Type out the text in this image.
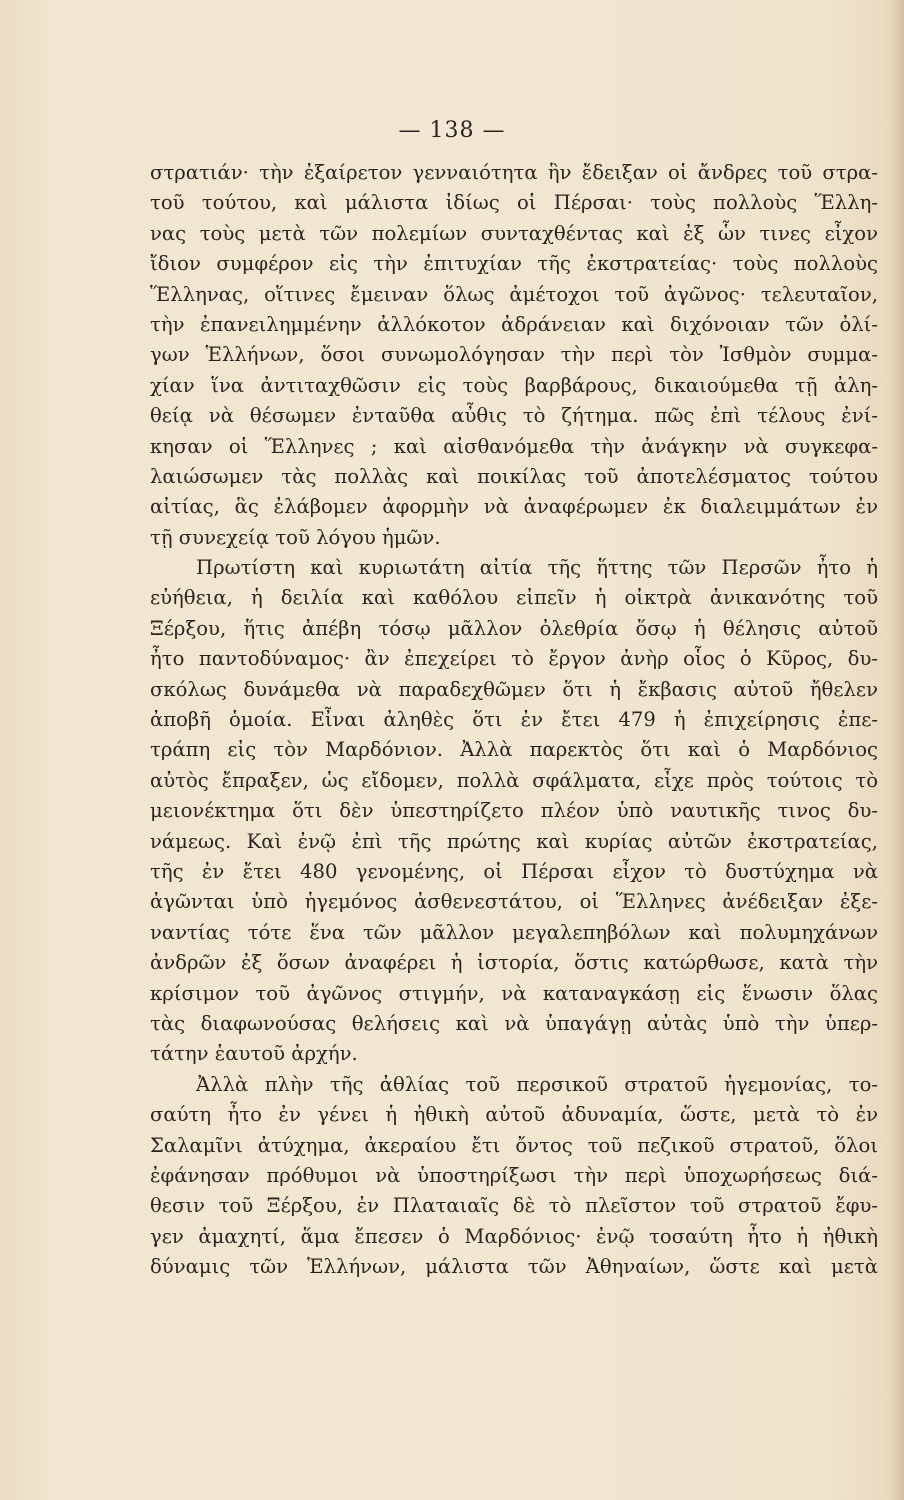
— 138 —
στρατιάν· τὴν ἐξαίρετον γενναιότητα ἣν ἔδειξαν οἱ ἄνδρες τοῦ στρα-
τοῦ τούτου, καὶ μάλιστα ἰδίως οἱ Πέρσαι· τοὺς πολλοὺς Ἕλλη-
νας τοὺς μετὰ τῶν πολεμίων συνταχθέντας καὶ ἐξ ὧν τινες εἶχον
ἴδιον συμφέρον εἰς τὴν ἐπιτυχίαν τῆς ἐκστρατείας· τοὺς πολλοὺς
Ἕλληνας, οἵτινες ἔμειναν ὅλως ἀμέτοχοι τοῦ ἀγῶνος· τελευταῖον,
τὴν ἐπανειλημμένην ἀλλόκοτον ἀδράνειαν καὶ διχόνοιαν τῶν ὀλί-
γων Ἑλλήνων, ὅσοι συνωμολόγησαν τὴν περὶ τὸν Ἰσθμὸν συμμα-
χίαν ἵνα ἀντιταχθῶσιν εἰς τοὺς βαρβάρους, δικαιούμεθα τῇ ἀλη-
θείᾳ νὰ θέσωμεν ἐνταῦθα αὖθις τὸ ζήτημα. πῶς ἐπὶ τέλους ἐνί-
κησαν οἱ Ἕλληνες ; καὶ αἰσθανόμεθα τὴν ἀνάγκην νὰ συγκεφα-
λαιώσωμεν τὰς πολλὰς καὶ ποικίλας τοῦ ἀποτελέσματος τούτου
αἰτίας, ἃς ἐλάβομεν ἀφορμὴν νὰ ἀναφέρωμεν ἐκ διαλειμμάτων ἐν
τῇ συνεχείᾳ τοῦ λόγου ἡμῶν.
Πρωτίστη καὶ κυριωτάτη αἰτία τῆς ἥττης τῶν Περσῶν ἦτο ἡ
εὐήθεια, ἡ δειλία καὶ καθόλου εἰπεῖν ἡ οἰκτρὰ ἀνικανότης τοῦ
Ξέρξου, ἥτις ἀπέβη τόσῳ μᾶλλον ὀλεθρία ὅσῳ ἡ θέλησις αὐτοῦ
ἦτο παντοδύναμος· ἂν ἐπεχείρει τὸ ἔργον ἀνὴρ οἷος ὁ Κῦρος, δυ-
σκόλως δυνάμεθα νὰ παραδεχθῶμεν ὅτι ἡ ἔκβασις αὐτοῦ ἤθελεν
ἀποβῆ ὁμοία. Εἶναι ἀληθὲς ὅτι ἐν ἔτει 479 ἡ ἐπιχείρησις ἐπε-
τράπη εἰς τὸν Μαρδόνιον. Ἀλλὰ παρεκτὸς ὅτι καὶ ὁ Μαρδόνιος
αὐτὸς ἔπραξεν, ὡς εἴδομεν, πολλὰ σφάλματα, εἶχε πρὸς τούτοις τὸ
μειονέκτημα ὅτι δὲν ὑπεστηρίζετο πλέον ὑπὸ ναυτικῆς τινος δυ-
νάμεως. Καὶ ἐνῷ ἐπὶ τῆς πρώτης καὶ κυρίας αὐτῶν ἐκστρατείας,
τῆς ἐν ἔτει 480 γενομένης, οἱ Πέρσαι εἶχον τὸ δυστύχημα νὰ
ἀγῶνται ὑπὸ ἡγεμόνος ἀσθενεστάτου, οἱ Ἕλληνες ἀνέδειξαν ἐξε-
ναντίας τότε ἕνα τῶν μᾶλλον μεγαλεπηβόλων καὶ πολυμηχάνων
ἀνδρῶν ἐξ ὅσων ἀναφέρει ἡ ἱστορία, ὅστις κατώρθωσε, κατὰ τὴν
κρίσιμον τοῦ ἀγῶνος στιγμήν, νὰ καταναγκάσῃ εἰς ἕνωσιν ὅλας
τὰς διαφωνούσας θελήσεις καὶ νὰ ὑπαγάγῃ αὐτὰς ὑπὸ τὴν ὑπερ-
τάτην ἑαυτοῦ ἀρχήν.
Ἀλλὰ πλὴν τῆς ἀθλίας τοῦ περσικοῦ στρατοῦ ἡγεμονίας, το-
σαύτη ἦτο ἐν γένει ἡ ἠθικὴ αὐτοῦ ἀδυναμία, ὥστε, μετὰ τὸ ἐν
Σαλαμῖνι ἀτύχημα, ἀκεραίου ἔτι ὄντος τοῦ πεζικοῦ στρατοῦ, ὅλοι
ἐφάνησαν πρόθυμοι νὰ ὑποστηρίξωσι τὴν περὶ ὑποχωρήσεως διά-
θεσιν τοῦ Ξέρξου, ἐν Πλαταιαῖς δὲ τὸ πλεῖστον τοῦ στρατοῦ ἔφυ-
γεν ἀμαχητί, ἅμα ἔπεσεν ὁ Μαρδόνιος· ἐνῷ τοσαύτη ἦτο ἡ ἠθικὴ
δύναμις τῶν Ἑλλήνων, μάλιστα τῶν Ἀθηναίων, ὥστε καὶ μετὰ
